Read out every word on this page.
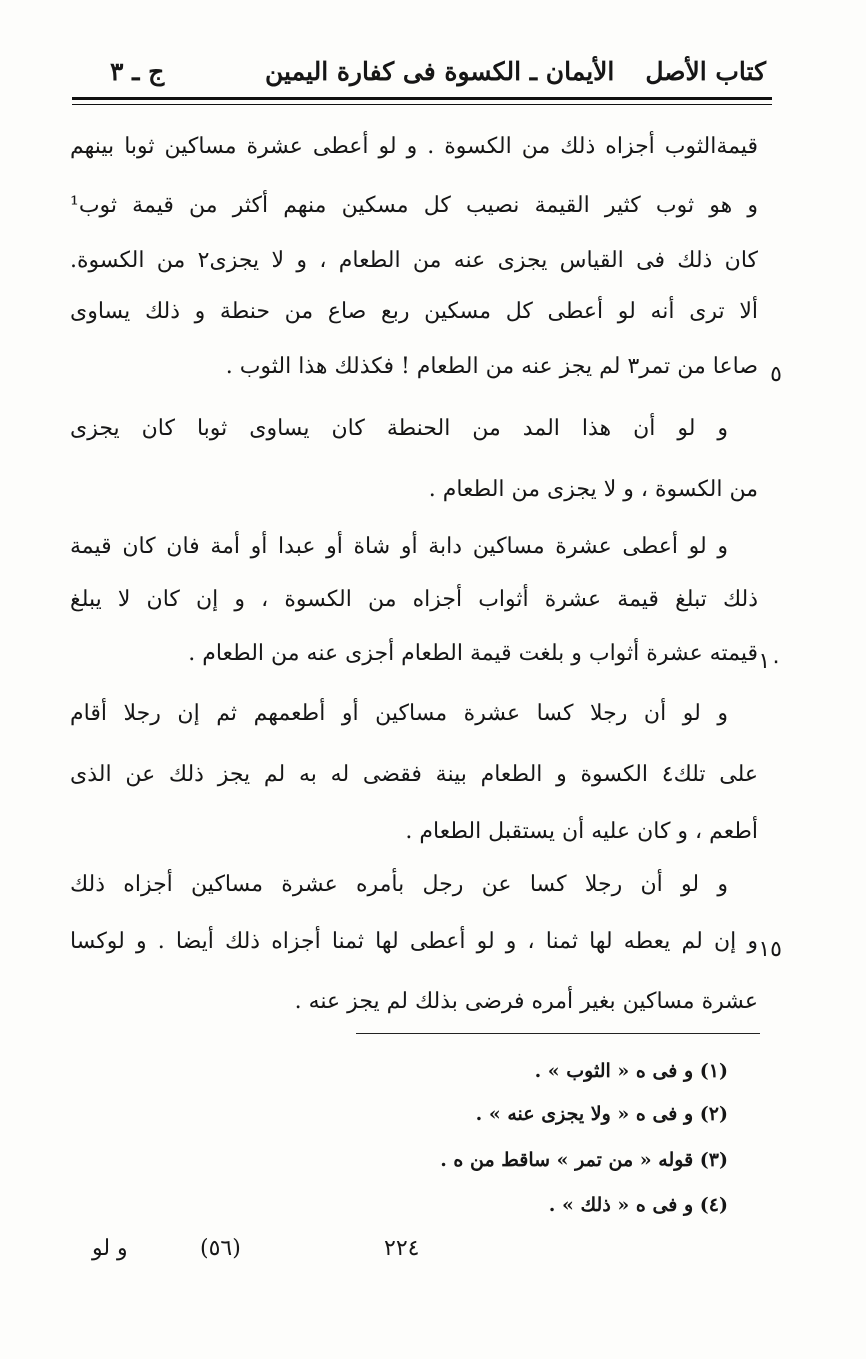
كتاب الأصل
الأيمان ـ الكسوة فى كفارة اليمين
ج ـ ٣
قيمةالثوب أجزاه ذلك من الكسوة . و لو أعطى عشرة مساكين ثوبا بينهم
و هو ثوب كثير القيمة نصيب كل مسكين منهم أكثر من قيمة ثوب¹
كان ذلك فى القياس يجزى عنه من الطعام ، و لا يجزى٢ من الكسوة.
ألا ترى أنه لو أعطى كل مسكين ربع صاع من حنطة و ذلك يساوى
٥
صاعا من تمر٣ لم يجز عنه من الطعام ! فكذلك هذا الثوب .
و لو أن هذا المد من الحنطة كان يساوى ثوبا كان يجزى
من الكسوة ، و لا يجزى من الطعام .
و لو أعطى عشرة مساكين دابة أو شاة أو عبدا أو أمة فان كان قيمة
ذلك تبلغ قيمة عشرة أثواب أجزاه من الكسوة ، و إن كان لا يبلغ
١٠
قيمته عشرة أثواب و بلغت قيمة الطعام أجزى عنه من الطعام .
و لو أن رجلا كسا عشرة مساكين أو أطعمهم ثم إن رجلا أقام
على تلك٤ الكسوة و الطعام بينة فقضى له به لم يجز ذلك عن الذى
أطعم ، و كان عليه أن يستقبل الطعام .
و لو أن رجلا كسا عن رجل بأمره عشرة مساكين أجزاه ذلك
١٥
و إن لم يعطه لها ثمنا ، و لو أعطى لها ثمنا أجزاه ذلك أيضا . و لوكسا
عشرة مساكين بغير أمره فرضى بذلك لم يجز عنه .
(١) و فى ه « الثوب » .
(٢) و فى ه « ولا يجزى عنه » .
(٣) قوله « من تمر » ساقط من ه .
(٤) و فى ه « ذلك » .
و لو	(٥٦)	٢٢٤
